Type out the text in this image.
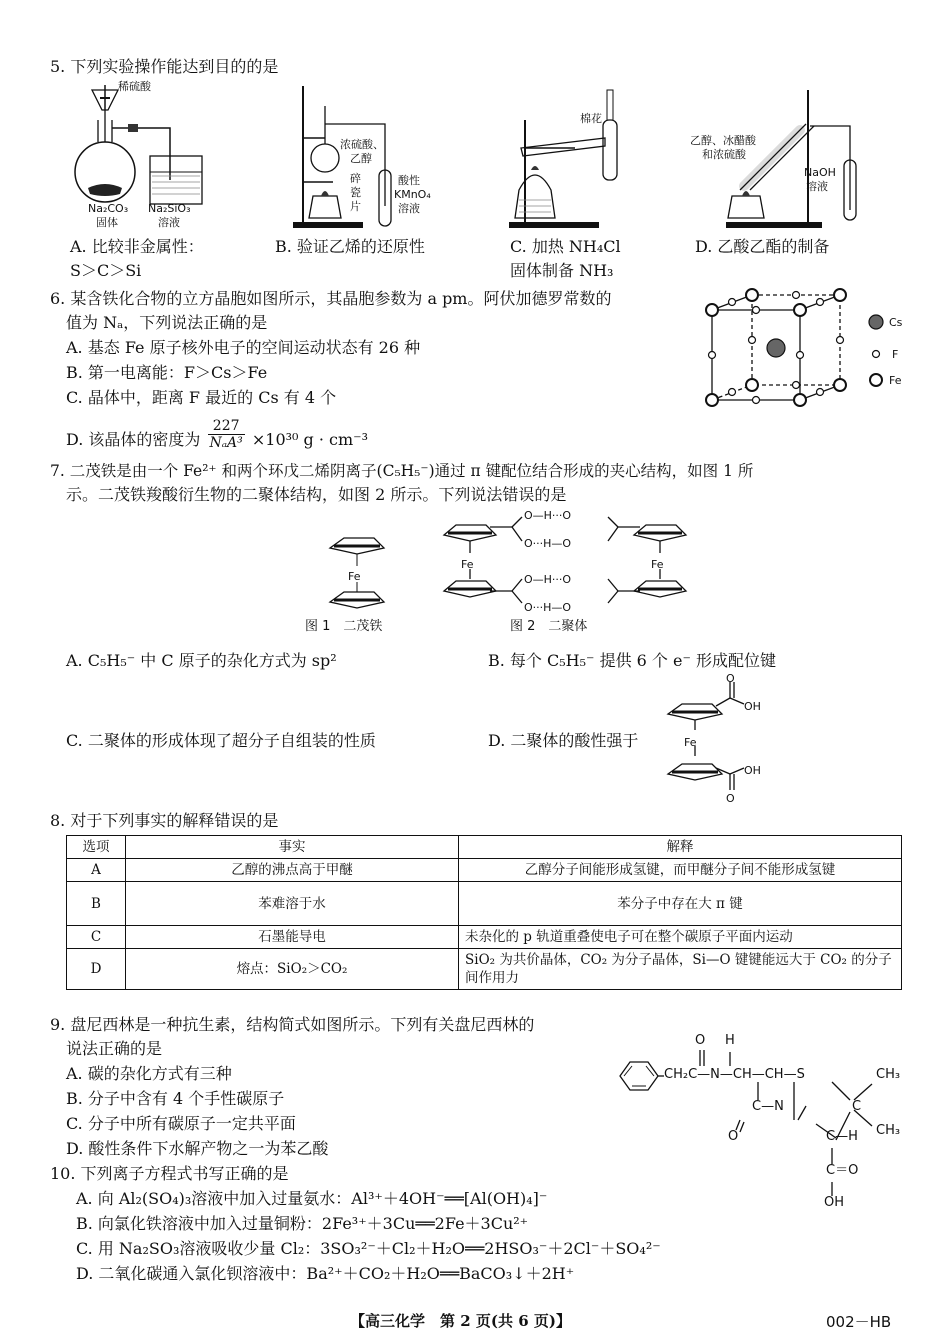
5. 下列实验操作能达到目的的是
稀硫酸
Na₂CO₃
固体
Na₂SiO₃
溶液
浓硫酸、
乙醇
碎
瓷
片
酸性
KMnO₄
溶液
棉花
乙醇、冰醋酸
和浓硫酸
NaOH
溶液
A. 比较非金属性：
S＞C＞Si
B. 验证乙烯的还原性	C. 加热 NH₄Cl
固体制备 NH₃
D. 乙酸乙酯的制备
6. 某含铁化合物的立方晶胞如图所示，其晶胞参数为 a pm。阿伏加德罗常数的
值为 Nₐ，下列说法正确的是
A. 基态 Fe 原子核外电子的空间运动状态有 26 种
B. 第一电离能：F＞Cs＞Fe
C. 晶体中，距离 F 最近的 Cs 有 4 个
D. 该晶体的密度为
227
NₐA³ ×10³⁰ g · cm⁻³
Cs
F
Fe
7. 二茂铁是由一个 Fe²⁺ 和两个环戊二烯阴离子(C₅H₅⁻)通过 π 键配位结合形成的夹心结构，如图 1 所
示。二茂铁羧酸衍生物的二聚体结构，如图 2 所示。下列说法错误的是
Fe
图 1　二茂铁
Fe	Fe
O—H···O
O···H—O
O—H···O
O···H—O
图 2　二聚体
A. C₅H₅⁻ 中 C 原子的杂化方式为 sp²	B. 每个 C₅H₅⁻ 提供 6 个 e⁻ 形成配位键
C. 二聚体的形成体现了超分子自组装的性质	D. 二聚体的酸性强于
O
OH
Fe
OH
O
8. 对于下列事实的解释错误的是
选项	事实	解释
A	乙醇的沸点高于甲醚	乙醇分子间能形成氢键，而甲醚分子间不能形成氢键
B	苯难溶于水	苯分子中存在大 π 键
C	石墨能导电	未杂化的 p 轨道重叠使电子可在整个碳原子平面内运动
D	熔点：SiO₂＞CO₂	SiO₂ 为共价晶体，CO₂ 为分子晶体，Si—O 键键能远大于 CO₂ 的分子间作用力
9. 盘尼西林是一种抗生素，结构简式如图所示。下列有关盘尼西林的
说法正确的是
A. 碳的杂化方式有三种
B. 分子中含有 4 个手性碳原子
C. 分子中所有碳原子一定共平面
D. 酸性条件下水解产物之一为苯乙酸
O H
CH₂C—N—CH—CH—S	CH₃
C—N	C
CH₃
O	C—H
C＝O
OH
10. 下列离子方程式书写正确的是
A. 向 Al₂(SO₄)₃溶液中加入过量氨水：Al³⁺＋4OH⁻══[Al(OH)₄]⁻
B. 向氯化铁溶液中加入过量铜粉：2Fe³⁺＋3Cu══2Fe＋3Cu²⁺
C. 用 Na₂SO₃溶液吸收少量 Cl₂：3SO₃²⁻＋Cl₂＋H₂O══2HSO₃⁻＋2Cl⁻＋SO₄²⁻
D. 二氧化碳通入氯化钡溶液中：Ba²⁺＋CO₂＋H₂O══BaCO₃↓＋2H⁺
【高三化学　第 2 页(共 6 页)】	002－HB
